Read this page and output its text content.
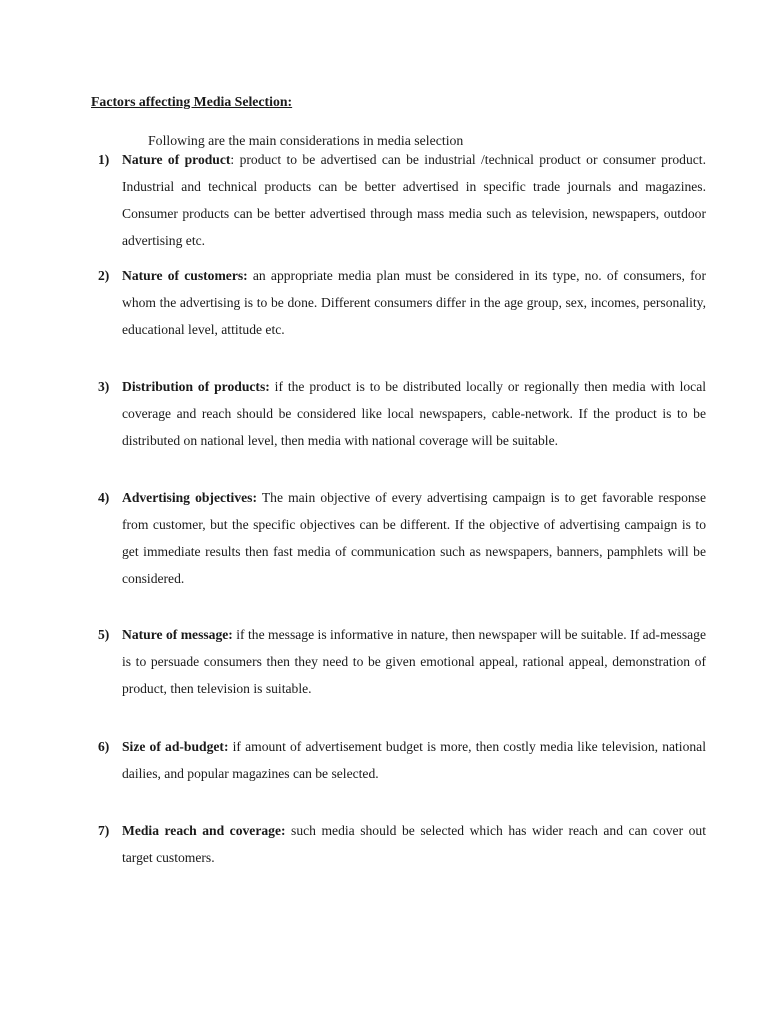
Factors affecting Media Selection:
Following are the main considerations in media selection
1) Nature of product: product to be advertised can be industrial /technical product or consumer product. Industrial and technical products can be better advertised in specific trade journals and magazines. Consumer products can be better advertised through mass media such as television, newspapers, outdoor advertising etc.
2) Nature of customers: an appropriate media plan must be considered in its type, no. of consumers, for whom the advertising is to be done. Different consumers differ in the age group, sex, incomes, personality, educational level, attitude etc.
3) Distribution of products: if the product is to be distributed locally or regionally then media with local coverage and reach should be considered like local newspapers, cable-network. If the product is to be distributed on national level, then media with national coverage will be suitable.
4) Advertising objectives: The main objective of every advertising campaign is to get favorable response from customer, but the specific objectives can be different. If the objective of advertising campaign is to get immediate results then fast media of communication such as newspapers, banners, pamphlets will be considered.
5) Nature of message: if the message is informative in nature, then newspaper will be suitable. If ad-message is to persuade consumers then they need to be given emotional appeal, rational appeal, demonstration of product, then television is suitable.
6) Size of ad-budget: if amount of advertisement budget is more, then costly media like television, national dailies, and popular magazines can be selected.
7) Media reach and coverage: such media should be selected which has wider reach and can cover out target customers.
